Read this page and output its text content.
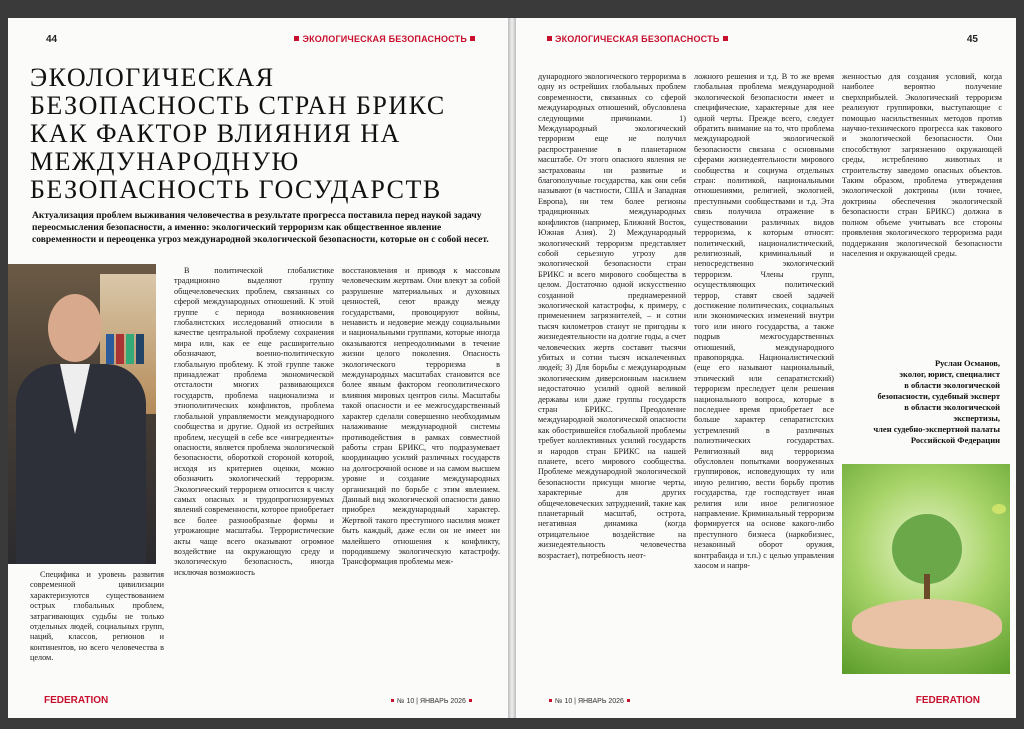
44	ЭКОЛОГИЧЕСКАЯ БЕЗОПАСНОСТЬ
ЭКОЛОГИЧЕСКАЯ БЕЗОПАСНОСТЬ СТРАН БРИКС КАК ФАКТОР ВЛИЯНИЯ НА МЕЖДУНАРОДНУЮ БЕЗОПАСНОСТЬ ГОСУДАРСТВ
Актуализация проблем выживания человечества в результате прогресса поставила перед наукой задачу переосмысления безопасности, а именно: экологический терроризм как общественное явление современности и переоценка угроз международной экологической безопасности, которые он с собой несет.

Специфика и уровень развития современной цивилизации характеризуются существованием острых глобальных проблем, затрагивающих судьбы не только отдельных людей, социальных групп, наций, классов, регионов и континентов, но всего человечества в целом.

В политической глобалистике традиционно выделяют группу общечеловеческих проблем, связанных со сферой международных отношений. К этой группе с периода возникновения глобалистских исследований относили в качестве центральной проблему сохранения мира или, как ее еще расширительно обозначают, военно-политическую глобальную проблему. К этой группе также принадлежат проблема экономической отсталости многих развивающихся государств, проблема национализма и этнополитических конфликтов, проблема глобальной управляемости международного сообщества и другие. Одной из острейших проблем, несущей в себе все «ингредиенты» опасности, является проблема экологической безопасности, обороткой стороной которой, исходя из критериев оценки, можно обозначить экологический терроризм. Экологический терроризм относится к числу самых опасных и трудопрогнозируемых явлений современности, которое приобретает все более разнообразные формы и угрожающие масштабы. Террористические акты чаще всего оказывают огромное воздействие на окружающую среду и экологическую безопасность, иногда исключая возможность

восстановления и приводя к массовым человеческим жертвам. Они влекут за собой разрушение материальных и духовных ценностей, сеют вражду между государствами, провоцируют войны, ненависть и недоверие между социальными и национальными группами, которые иногда оказываются непреодолимыми в течение жизни целого поколения. Опасность экологического терроризма в международных масштабах становится все более явным фактором геополитического влияния мировых центров силы. Масштабы такой опасности и ее межгосударственный характер сделали совершенно необходимым налаживание международной системы противодействия в рамках совместной работы стран БРИКС, что подразумевает координацию усилий различных государств на долгосрочной основе и на самом высшем уровне и создание международных организаций по борьбе с этим явлением. Данный вид экологической опасности давно приобрел международный характер. Жертвой такого преступного насилия может быть каждый, даже если он не имеет ни малейшего отношения к конфликту, породившему экологическую катастрофу. Трансформация проблемы меж-

FEDERATION	№ 10 | ЯНВАРЬ 2026
ЭКОЛОГИЧЕСКАЯ БЕЗОПАСНОСТЬ	45

дународного экологического терроризма в одну из острейших глобальных проблем современности, связанных со сферой международных отношений, обусловлена следующими причинами. 1) Международный экологический терроризм еще не получил распространение в планетарном масштабе. От этого опасного явления не застрахованы ни развитые и благополучные государства, как они себя называют (в частности, США и Западная Европа), ни тем более регионы традиционных международных конфликтов (например, Ближний Восток, Южная Азия). 2) Международный экологический терроризм представляет собой серьезную угрозу для экологической безопасности стран БРИКС и всего мирового сообщества в целом. Достаточно одной искусственно созданной преднамеренной экологической катастрофы, к примеру, с применением загрязнителей, – и сотни тысяч километров станут не пригодны к жизнедеятельности на долгие годы, а счет человеческих жертв составит тысячи убитых и сотни тысяч искалеченных людей; 3) Для борьбы с международным экологическим диверсионным насилием недостаточно усилий одной великой державы или даже группы государств стран БРИКС. Преодоление международной экологической опасности как обострившейся глобальной проблемы требует коллективных усилий государств и народов стран БРИКС на нашей планете, всего мирового сообщества. Проблеме международной экологической безопасности присущи многие черты, характерные для других общечеловеческих затруднений, такие как планетарный масштаб, острота, негативная динамика (когда отрицательное воздействие на жизнедеятельность человечества возрастает), потребность неот-

ложного решения и т.д. В то же время глобальная проблема международной экологической безопасности имеет и специфические, характерные для нее одной черты. Прежде всего, следует обратить внимание на то, что проблема международной экологической безопасности связана с основными сферами жизнедеятельности мирового сообщества и социума отдельных стран: политикой, национальными отношениями, религией, экологией, преступными сообществами и т.д. Эта связь получила отражение в существовании различных видов терроризма, к которым относят: политический, националистический, религиозный, криминальный и непосредственно экологический терроризм. Члены групп, осуществляющих политический террор, ставят своей задачей достижение политических, социальных или экономических изменений внутри того или иного государства, а также подрыв межгосударственных отношений, международного правопорядка. Националистический (еще его называют национальный, этнический или сепаратистский) терроризм преследует цели решения национального вопроса, которые в последнее время приобретает все больше характер сепаратистских устремлений в различных полиэтнических государствах. Религиозный вид терроризма обусловлен попытками вооруженных группировок, исповедующих ту или иную религию, вести борьбу против государства, где господствует иная религия или иное религиозное направление. Криминальный терроризм формируется на основе какого-либо преступного бизнеса (наркобизнес, незаконный оборот оружия, контрабанда и т.п.) с целью управления хаосом и напря-

женностью для создания условий, когда наиболее вероятно получение сверхприбылей. Экологический терроризм реализуют группировки, выступающие с помощью насильственных методов против научно-технического прогресса как такового и экологической безопасности. Они способствуют загрязнению окружающей среды, истреблению животных и строительству заведомо опасных объектов. Таким образом, проблема утверждения экологической доктрины (или точнее, доктрины обеспечения экологической безопасности стран БРИКС) должна в полном объеме учитывать все стороны проявления экологического терроризма ради поддержания экологической безопасности населения и окружающей среды.

Руслан Османов,
эколог, юрист, специалист
в области экологической
безопасности, судебный эксперт
в области экологической
экспертизы,
член судебно-экспертной палаты
Российской Федерации
№ 10 | ЯНВАРЬ 2026	FEDERATION
